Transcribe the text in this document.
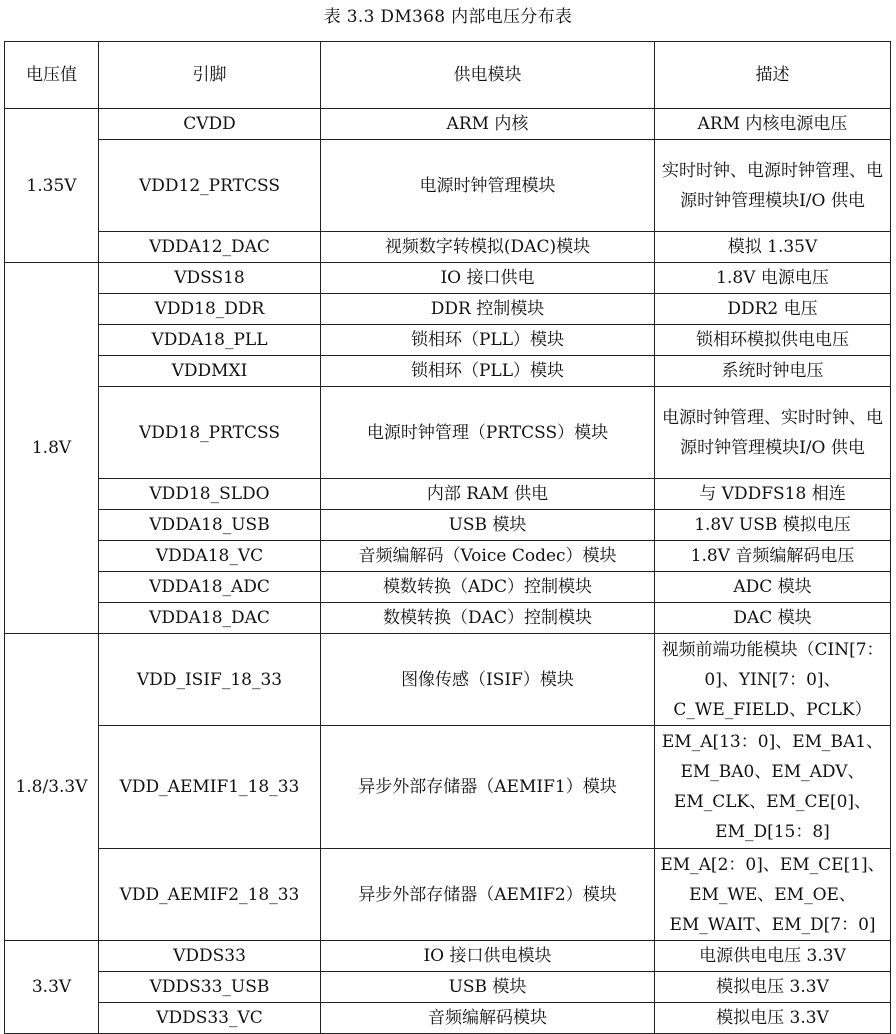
表 3.3 DM368 内部电压分布表
电压值	引脚	供电模块	描述
1.35V	CVDD	ARM 内核	ARM 内核电源电压
	VDD12_PRTCSS	电源时钟管理模块	实时时钟、电源时钟管理、电源时钟管理模块I/O 供电
	VDDA12_DAC	视频数字转模拟(DAC)模块	模拟 1.35V
1.8V	VDSS18	IO 接口供电	1.8V 电源电压
	VDD18_DDR	DDR 控制模块	DDR2 电压
	VDDA18_PLL	锁相环（PLL）模块	锁相环模拟供电电压
	VDDMXI	锁相环（PLL）模块	系统时钟电压
	VDD18_PRTCSS	电源时钟管理（PRTCSS）模块	电源时钟管理、实时时钟、电源时钟管理模块I/O 供电
	VDD18_SLDO	内部 RAM 供电	与 VDDFS18 相连
	VDDA18_USB	USB 模块	1.8V USB 模拟电压
	VDDA18_VC	音频编解码（Voice Codec）模块	1.8V 音频编解码电压
	VDDA18_ADC	模数转换（ADC）控制模块	ADC 模块
	VDDA18_DAC	数模转换（DAC）控制模块	DAC 模块
1.8/3.3V	VDD_ISIF_18_33	图像传感（ISIF）模块	视频前端功能模块（CIN[7：0]、YIN[7：0]、C_WE_FIELD、PCLK）
	VDD_AEMIF1_18_33	异步外部存储器（AEMIF1）模块	EM_A[13：0]、EM_BA1、EM_BA0、EM_ADV、EM_CLK、EM_CE[0]、EM_D[15：8]
	VDD_AEMIF2_18_33	异步外部存储器（AEMIF2）模块	EM_A[2：0]、EM_CE[1]、EM_WE、EM_OE、EM_WAIT、EM_D[7：0]
3.3V	VDDS33	IO 接口供电模块	电源供电电压 3.3V
	VDDS33_USB	USB 模块	模拟电压 3.3V
	VDDS33_VC	音频编解码模块	模拟电压 3.3V
